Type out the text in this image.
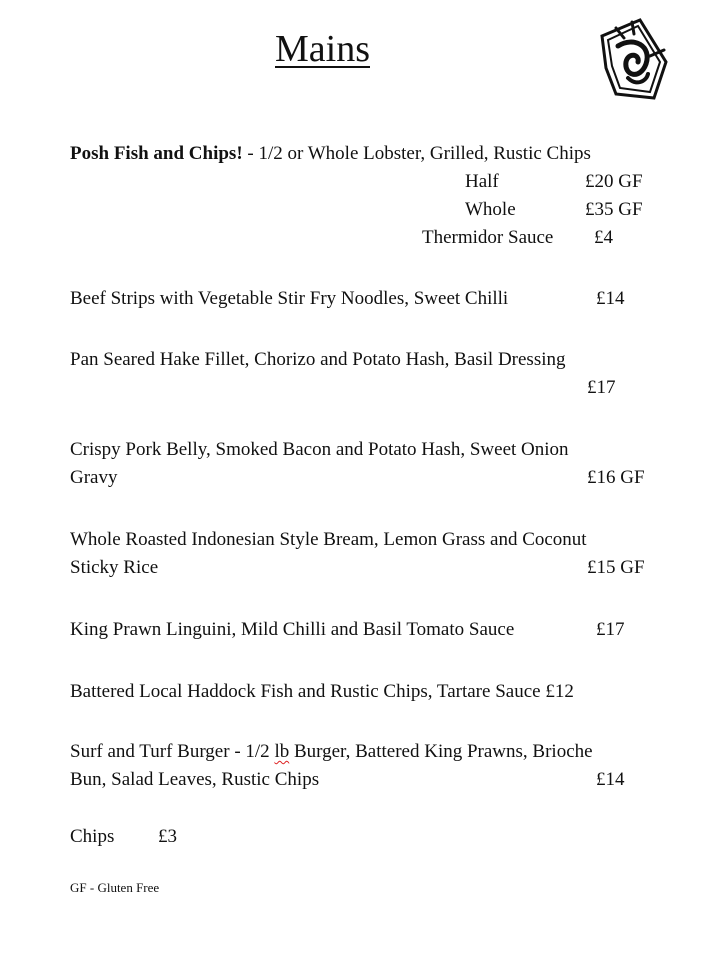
Mains
Posh Fish and Chips! - 1/2 or Whole Lobster, Grilled, Rustic Chips
Half	£20 GF
Whole	£35 GF
Thermidor Sauce £4
Beef Strips with Vegetable Stir Fry Noodles, Sweet Chilli	£14
Pan Seared Hake Fillet, Chorizo and Potato Hash, Basil Dressing
£17
Crispy Pork Belly, Smoked Bacon and Potato Hash, Sweet Onion
Gravy	£16 GF
Whole Roasted Indonesian Style Bream, Lemon Grass and Coconut
Sticky Rice	£15 GF
King Prawn Linguini, Mild Chilli and Basil Tomato Sauce	£17
Battered Local Haddock Fish and Rustic Chips, Tartare Sauce £12
Surf and Turf Burger - 1/2 lb Burger, Battered King Prawns, Brioche
Bun, Salad Leaves, Rustic Chips	£14
Chips £3
GF - Gluten Free
